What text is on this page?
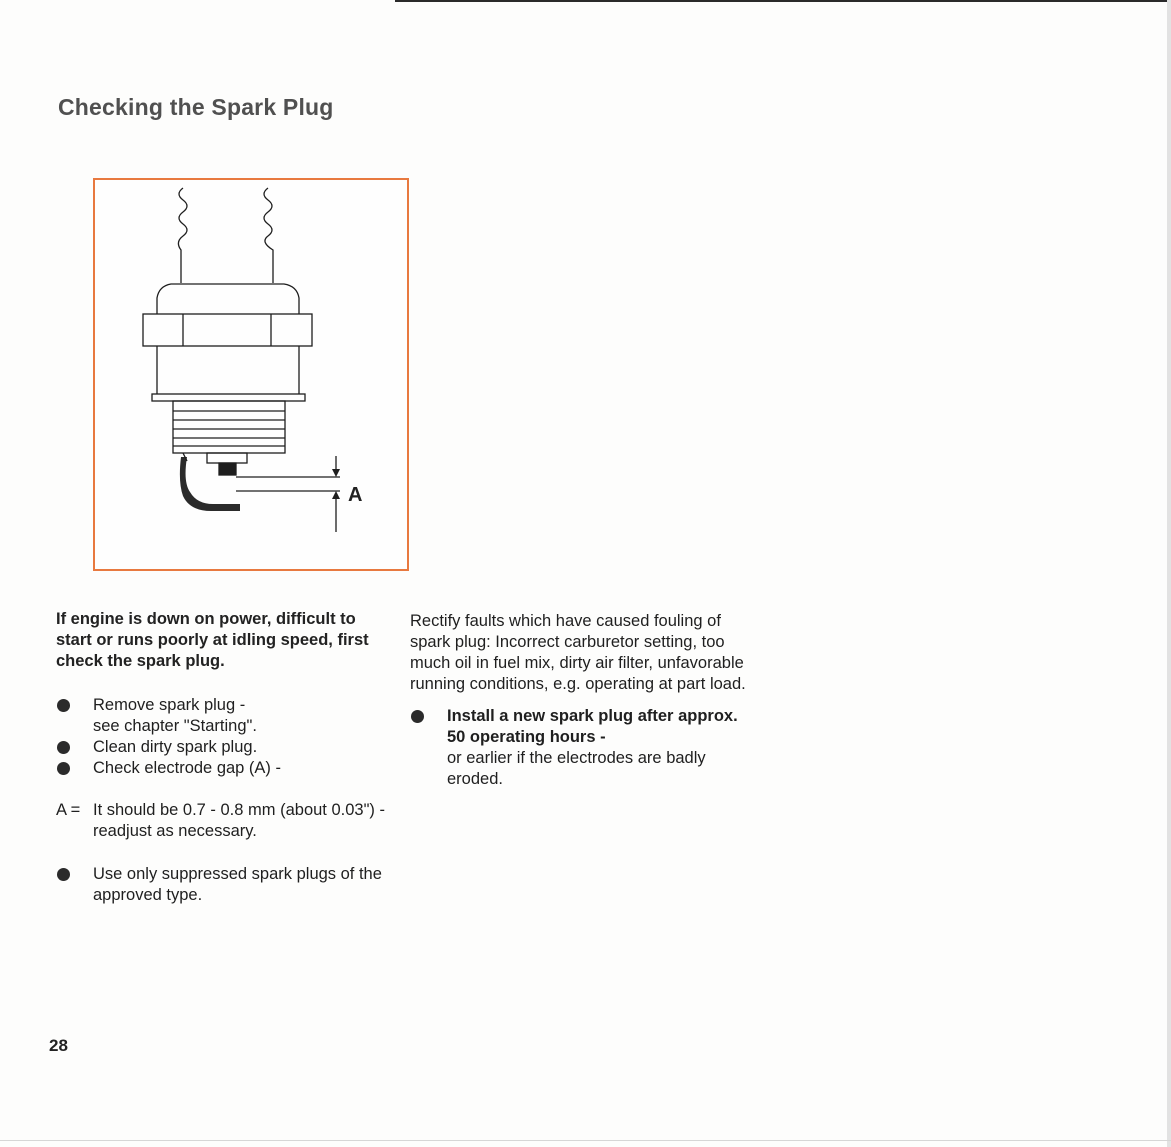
Checking the Spark Plug
A

If engine is down on power, difficult to start or runs poorly at idling speed, first check the spark plug.

Remove spark plug -
see chapter "Starting".
Clean dirty spark plug.
Check electrode gap (A) -
A = It should be 0.7 - 0.8 mm (about 0.03") - readjust as necessary.
Use only suppressed spark plugs of the approved type.

Rectify faults which have caused fouling of spark plug: Incorrect carburetor setting, too much oil in fuel mix, dirty air filter, unfavorable running conditions, e.g. operating at part load.

Install a new spark plug after approx. 50 operating hours -
or earlier if the electrodes are badly eroded.
28
